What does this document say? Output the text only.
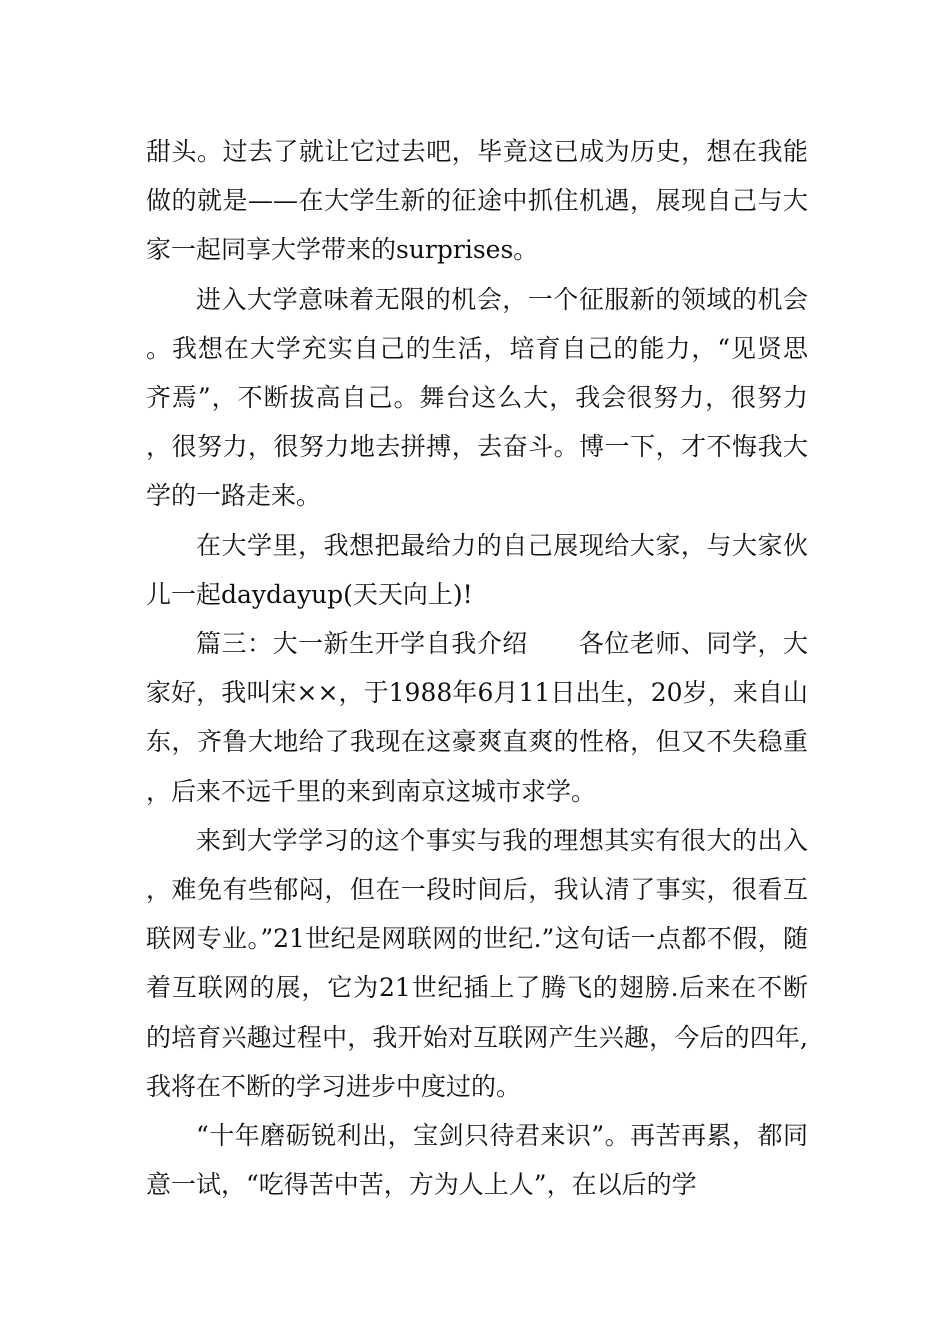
甜头。过去了就让它过去吧，毕竟这已成为历史，想在我能做的就是——在大学生新的征途中抓住机遇，展现自己与大家一起同享大学带来的surprises。

进入大学意味着无限的机会，一个征服新的领域的机会。我想在大学充实自己的生活，培育自己的能力，“见贤思齐焉”，不断拔高自己。舞台这么大，我会很努力，很努力，很努力，很努力地去拼搏，去奋斗。博一下，才不悔我大学的一路走来。

在大学里，我想把最给力的自己展现给大家，与大家伙儿一起daydayup(天天向上)!

篇三：大一新生开学自我介绍　　各位老师、同学，大家好，我叫宋××，于1988年6月11日出生，20岁，来自山东，齐鲁大地给了我现在这豪爽直爽的性格，但又不失稳重，后来不远千里的来到南京这城市求学。

来到大学学习的这个事实与我的理想其实有很大的出入，难免有些郁闷，但在一段时间后，我认清了事实，很看互联网专业。”21世纪是网联网的世纪.”这句话一点都不假，随着互联网的展，它为21世纪插上了腾飞的翅膀.后来在不断的培育兴趣过程中，我开始对互联网产生兴趣，今后的四年,我将在不断的学习进步中度过的。

“十年磨砺锐利出，宝剑只待君来识”。再苦再累，都同意一试，“吃得苦中苦，方为人上人”，在以后的学
